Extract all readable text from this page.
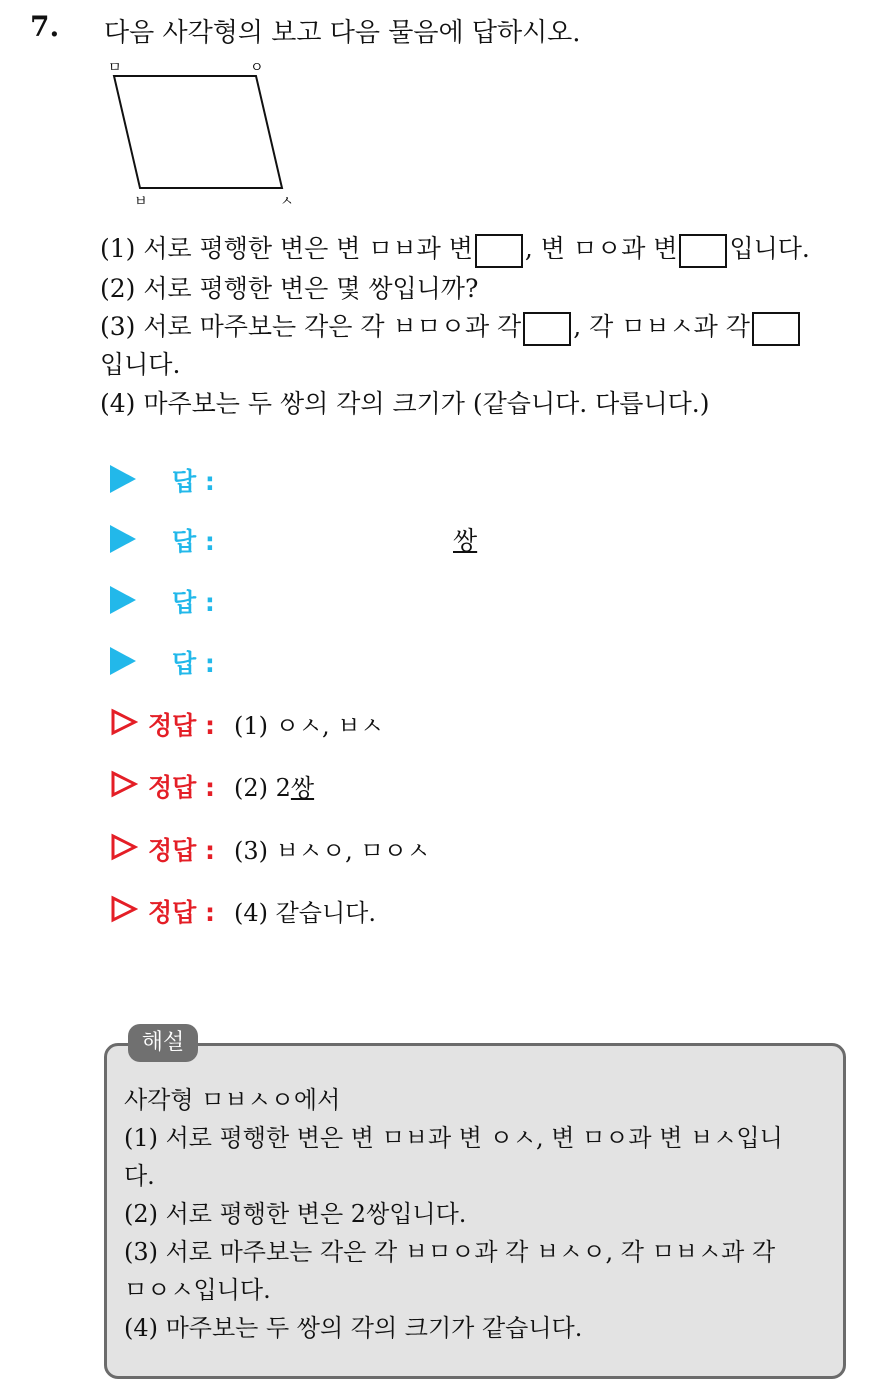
7. 다음 사각형의 보고 다음 물음에 답하시오.
ㅁ	ㅇ
ㅂ	ㅅ
(1) 서로 평행한 변은 변 ㅁㅂ과 변 , 변 ㅁㅇ과 변 입니다.
(2) 서로 평행한 변은 몇 쌍입니까?
(3) 서로 마주보는 각은 각 ㅂㅁㅇ과 각 , 각 ㅁㅂㅅ과 각
입니다.
(4) 마주보는 두 쌍의 각의 크기가 (같습니다. 다릅니다.)
답 :
답 :	쌍
답 :
답 :
정답 : (1) ㅇㅅ, ㅂㅅ
정답 : (2) 2쌍
정답 : (3) ㅂㅅㅇ, ㅁㅇㅅ
정답 : (4) 같습니다.
해설
사각형 ㅁㅂㅅㅇ에서
(1) 서로 평행한 변은 변 ㅁㅂ과 변 ㅇㅅ, 변 ㅁㅇ과 변 ㅂㅅ입니
다.
(2) 서로 평행한 변은 2쌍입니다.
(3) 서로 마주보는 각은 각 ㅂㅁㅇ과 각 ㅂㅅㅇ, 각 ㅁㅂㅅ과 각
ㅁㅇㅅ입니다.
(4) 마주보는 두 쌍의 각의 크기가 같습니다.
